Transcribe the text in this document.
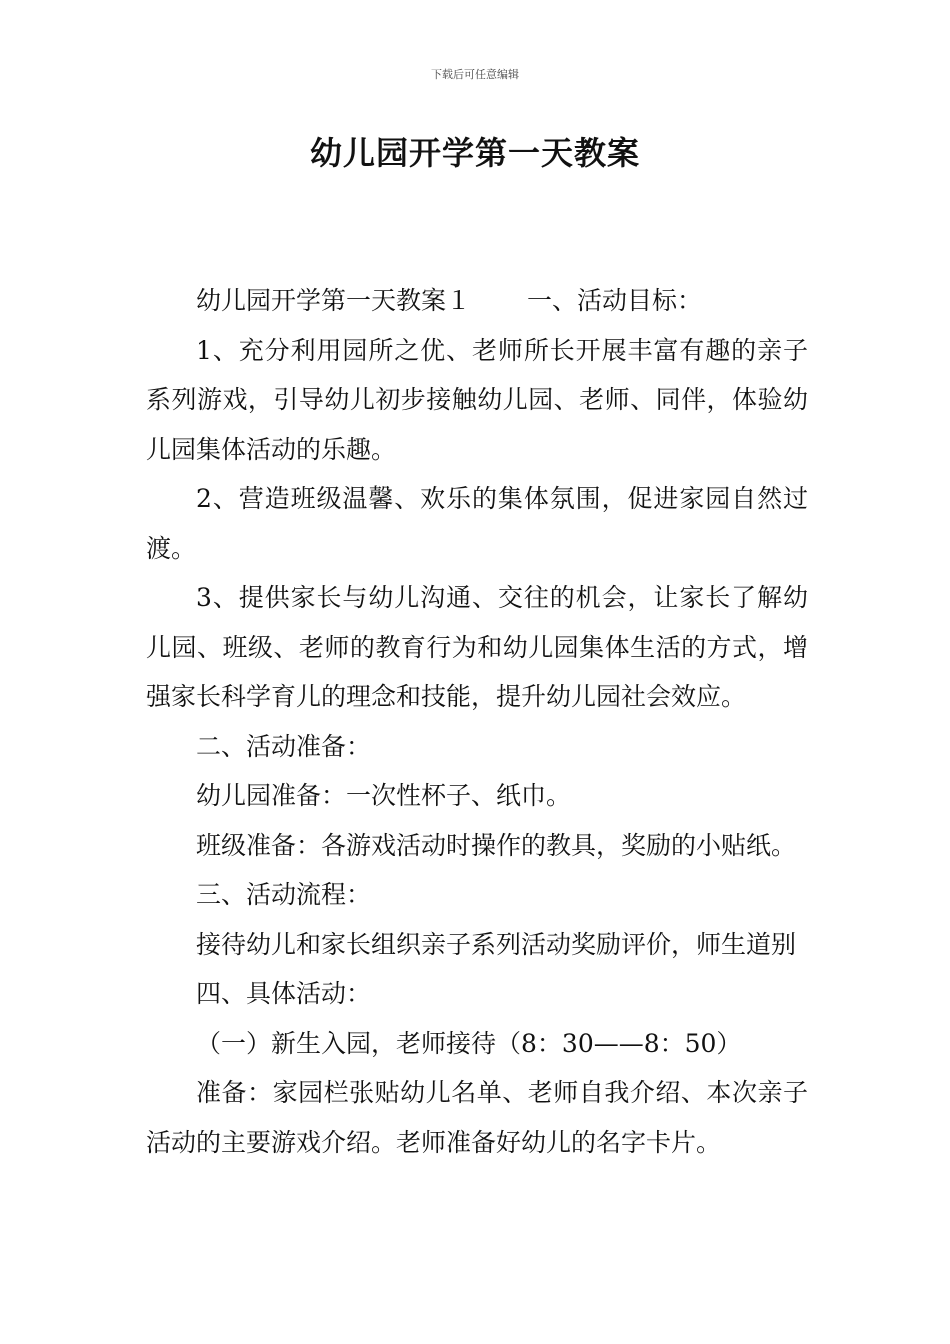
下载后可任意编辑
幼儿园开学第一天教案

幼儿园开学第一天教案１ 一、活动目标：

1、充分利用园所之优、老师所长开展丰富有趣的亲子系列游戏，引导幼儿初步接触幼儿园、老师、同伴，体验幼儿园集体活动的乐趣。

2、营造班级温馨、欢乐的集体氛围，促进家园自然过渡。

3、提供家长与幼儿沟通、交往的机会，让家长了解幼儿园、班级、老师的教育行为和幼儿园集体生活的方式，增强家长科学育儿的理念和技能，提升幼儿园社会效应。

二、活动准备：

幼儿园准备：一次性杯子、纸巾。

班级准备：各游戏活动时操作的教具，奖励的小贴纸。

三、活动流程：

接待幼儿和家长组织亲子系列活动奖励评价，师生道别

四、具体活动：

（一）新生入园，老师接待（8：30——8：50）

准备：家园栏张贴幼儿名单、老师自我介绍、本次亲子活动的主要游戏介绍。老师准备好幼儿的名字卡片。
